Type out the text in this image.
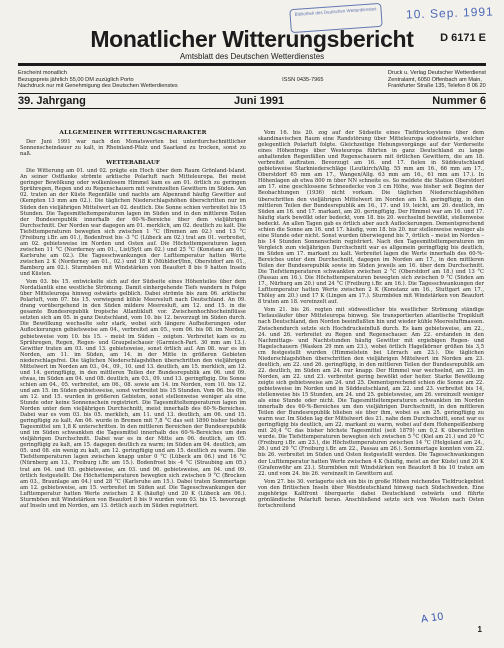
Bibliothek des Deutschen Wetterdienstes	10. Sep. 1991
Monatlicher Witterungsbericht	D 6171 E
Amtsblatt des Deutschen Wetterdienstes
Erscheint monatlich
Bezugspreis jährlich 55,00 DM zuzüglich Porto
Nachdruck nur mit Genehmigung des Deutschen Wetterdienstes
ISSN 0435-7965
Druck u. Verlag Deutscher Wetterdienst
Zentralamt, 6050 Offenbach am Main,
Frankfurter Straße 135, Telefon 8 06 20
39. Jahrgang	Juni 1991	Nummer 6
ALLGEMEINER WITTERUNGSCHARAKTER

Der Juni 1991 war nach den Monatswerten bei unterdurchschnittlicher Sonnenscheindauer zu kalt, in Rheinland-Pfalz und Saarland zu trocken, sonst zu naß.

WETTERABLAUF

Die Witterung am 01. und 02. prägte ein Hoch über dem Raum Grönland-Island. An seiner Ostflanke strömte arktische Polarluft nach Mitteleuropa. Bei meist geringer Bewölkung oder wolkenlosem Himmel kam es am 01. örtlich zu geringen Sprühregen, Regen und zu Regenschauern mit vereinzelten Gewittern im Süden. Am 02. traten an der Küste Regenfälle und nachts am Alpenrand häufig Gewitter auf (Kempten 13 mm am 02.). Die täglichen Niederschlagshöhen überschritten nur im Süden den vieljährigen Mittelwert an 02. deutlich. Die Sonne schien verbreitet bis 15 Stunden. Die Tagesmitteltemperaturen lagen im Süden und in den mittleren Teilen der Bundesrepublik innerhalb der 60-%-Bereiche über dem vieljährigen Durchschnitt. Der Norden war dagegen am 01. merklich, am 02. deutlich zu kalt. Die Tiefsttemperaturen bewegten sich zwischen 1 °C (Bremen am 02.) und 13 °C (Freiburg i.Br. am 01.), Bodenfrost bis -3 °C (Lübeck am 02.) trat am 01. verbreitet, am 02. gebietsweise im Norden und Osten auf. Die Höchsttemperaturen lagen zwischen 11 °C (Norderney am 01., List/Sylt am 02.) und 25 °C (Konstanz am 01., Karlsruhe am 02.). Die Tagesschwankungen der Lufttemperatur hatten Werte zwischen 2 K (Norderney am 01., 02.) und 18 K (Mühldorf/Inn, Oberstdorf am 01., Bamberg am 02.). Sturmböen mit Windstärken von Beaufort 8 bis 9 hatten Inseln und Küsten.

Vom 03. bis 15. entwickelte sich auf der Südseite eines Höhenteiles über dem Nordatlantik eine westliche Strömung. Damit einhergehende Tiefs wandern in Folge über Mitteleuropa hinweg ostwärts gelblich. Dabei strömte bis zum 06. arktische Polarluft, vom 07. bis 15. vorwiegend kühle Meeresluft nach Deutschland. An 09. drang vorübergehend in den Süden mildere Meeresluft, am 12. und 15. in die gesamte Bundesrepublik tropische Atlantikluft vor. Zwischenhochhocheinflüsse setzten sich am 05. in ganz Deutschland, vom 10. bis 12. bevorzugt im Süden durch. Die Bewölkung wechselte sehr stark, wobei sich längere Aufheiterungen oder Auflockerungen gebietsweise am 04., verbreitet am 05., vom 06. bis 08. im Norden, gebietsweise vom 10. bis 15. – meist im Süden – zeigten. Verbreitet kam es zu Sprühregen, Regen, Regen- und Graupelschauer (Garmisch-Part. 30 mm am 13.). Gewitter traten am 03. und 13. gebietsweise, sonst örtlich auf. Am 08. war es im Norden, am 11. im Süden, am 14. in der Mitte in größeren Gebieten niederschlagsfrei. Die täglichen Niederschlagshöhen überschritten den vieljährigen Mittelwert im Norden am 03., 04., 09., 10. und 13. deutlich, am 15. merklich, am 12. und 14. geringfügig, in den mittleren Teilen der Bundesrepublik am 06. und 09. etwas, im Süden am 04. und 08. deutlich, am 03., 09. und 13. geringfügig. Die Sonne schien am 04., 05. verbreitet, am 06., 08. sowie am 14. im Norden, vom 10. bis 12. und am 15. im Süden gebietsweise, sonst verbreitet bis 15 Stunden. Vom 06. bis 09., am 12. und 15. wurden in größeren Gebieten, sonst stellenweise weniger als eine Stunde oder keine Sonnenschein registriert. Die Tagesmitteltemperaturen lagen im Norden unter dem vieljährigen Durchschnitt, meist innerhalb des 60-%-Bereiches. Dabei war es vom 03. bis 05. merklich, am 11. und 13. deutlich, am 06. und 15. geringfügig zu kalt. Am 06. wurde in Bremen mit 7,8 °C das seit 1890 bisher tiefste Tagesmittel um 1,8 K unterschritten. In den mittleren Bereichen der Bundesrepublik und im Süden schwankten die Tagesmittel innerhalb des 60-%-Bereiches um den vieljährigen Durchschnitt. Dabei war es in der Mitte am 06. deutlich, am 05. geringfügig zu kalt, am 15. dagegen deutlich zu warm; im Süden am 04. deutlich, am 05. und 08. ein wenig zu kalt, am 12. geringfügig und am 15. deutlich zu warm. Die Tiefsttemperaturen lagen zwischen knapp unter 0 °C (Lübeck am 06.) und 16 °C (Nürnberg am 13., Freiburg i.Br. am 15.). Bodenfrost bis -4 °C (Straubing am 05.) trat am 04. und 05. gebietsweise, am 03. und 06. gebietsweise, am 04. und 09. örtlich festgestellt. Die Höchsttemperaturen bewegten sich zwischen 9 °C (Brocken am 03., Braunlage am 04.) und 28 °C (Karlsruhe am 15.). Dabei traten Sommertage am 12. gebietsweise, am 15. verbreitet im Süden auf. Die Tagesschwankungen der Lufttemperatur hatten Werte zwischen 2 K (häufig) und 20 K (Lübeck am 06.). Sturmböen mit Windstärken von Beaufort 8 bis 9 wurden vom 03. bis 15. bevorzugt auf Inseln und im Norden, am 13. örtlich auch im Süden registriert.

Vom 16. bis 20. zog auf der Südseite eines Tiefdrucksystems über dem skandinavischen Raum eine Randstörung über Mitteleuropa südostwärts, welcher gelegentlich Polarluft folgte. Gleichzeitige Hebungsvorgänge auf der Vorderseite eines Höhentrogs über Westeuropa führten in ganz Deutschland zu lange anhaltenden Regenfällen und Regenschauern mit örtlichen Gewittern, die am 18. verbreitet auftraten. Bevorzugt am 16. und 17. fielen in Süddeutschland gebietsweise Starkniederschläge (Leutkirch/Allg. 55 mm am 16., 66 mm am 17., Oberstdorf 65 mm am 17., Wangen/Allg. 63 mm am 16., 61 mm am 17.). In Höhenlagen ab etwa 800 m über NN schneite es. So meldete die Station Oberstdorf am 17. eine geschlossene Schneedecke von 3 cm Höhe, was bisher seit Beginn der Beobachtungen (1936) nicht vorkam. Die täglichen Niederschlagshöhen überschritten den vieljährigen Mittelwert im Norden am 18. geringfügig, in den mittleren Teilen der Bundesrepublik am 16., 17. und 19. leicht, am 20. deutlich, im Süden am 16. und 17. markant, am 20. geringfügig. Der Himmel war am 16. und 17. häufig stark bewölkt oder bedeckt, vom 18. bis 20. wechselnd bewölkt, stellenweise bedeckt. An allen Tagen gab es örtlich aber auch Auflockerungen. Dementsprechend schien die Sonne am 16. und 17. häufig, vom 18. bis 20. nur stellenweise weniger als eine Stunde oder nicht. Sonst wurden überwiegend bis 7, örtlich – meist im Norden – bis 14 Stunden Sonnenschein registriert. Nach den Tagesmitteltemperaturen im Vergleich zum vieljährigen Durchschnitt war es allgemein geringfügig bis deutlich, im Süden am 17. markant zu kalt. Verbreitet lagen die Werte innerhalb des 60-%-Bereiches unter dem Durchschnitt, dagegen im Norden am 17., in den mittleren Teilen der Bundesrepublik sowie im Süden jeweils am 16. über dem Durchschnitt. Die Tiefsttemperaturen schwankten zwischen 2 °C (Oberstdorf am 18.) und 13 °C (Passau am 16.). Die Höchsttemperaturen bewegten sich zwischen 9 °C (Süden am 17., Nürburg am 20.) und 24 °C (Freiburg i.Br. am 16.). Die Tagesschwankungen der Lufttemperatur hatten Werte zwischen 2 K (Konstanz am 16., Stuttgart am 17., Thöley am 20.) und 17 K (Lingen am 17.). Sturmböen mit Windstärken von Beaufort 8 traten am 18. vereinzelt auf.

Vom 21. bis 26. regten mit südwestlicher bis westlicher Strömung ständige Tiefausläufer über Mitteleuropa hinweg. Sie transportierten atlantische Tropikluft nach Deutschland, den Norden beeinflußten hin und wieder kühle Meeresluftmassen. Zwischendurch setzte sich Hochdruckeinfluß durch. Es kam gebietsweise, am 22., 24. und 26. verbreitet zu Regen und Regenschauer. Am 22. erstanden in den Nachmittags- und Nachtstunden häufig Gewitter mit ergiebigen Regen- und Hagelschauern (Wasken 29 mm am 23.), wobei örtlich Hagelkörner größen bis 3,5 cm festgestellt wurden (Himmelstein bei Lörrach am 23.). Die täglichen Niederschlagshöhen überschritten den vieljährigen Mittelwert im Norden am 23. deutlich, am 22. und 26. geringfügig, in den mittleren Teilen der Bundesrepublik am 22. deutlich, im Süden am 24. nur knapp. Der Himmel war wechselnd, am 23. im Norden, am 22. und 23. verbreitet gering bewölkt oder heiter. Starke Bewölkung zeigte sich gebietsweise am 24. und 25. Dementsprechend schien die Sonne am 22. gebietsweise im Norden und in Süddeutschland, am 22. und 23. verbreitet bis 14, stellenweise bis 15 Stunden, am 24. und 25. gebietsweise, am 26. vereinzelt weniger als eine Stunde oder nicht. Die Tagesmitteltemperaturen schwankten im Norden innerhalb des 60-%-Bereiches um den vieljährigen Durchschnitt, in den mittleren Teilen der Bundesrepublik blieben sie über ihm, wobei es am 25. geringfügig zu warm war. Im Süden lag der Mittelwert des 21. nahe dem Durchschnitt, sonst war es geringfügig bis deutlich, am 22. markant zu warm, wobei auf dem Hohenpeißenberg mit 20,4 °C das bisher höchste Tagesmittel (seit 1879) um 0,2 K überschritten wurde. Die Tiefsttemperaturen bewegten sich zwischen 5 °C (Kiel am 21.) und 20 °C (Freiburg i.Br. am 23.), die Höchsttemperaturen zwischen 14 °C (Helgoland am 24., 26.) und 29 °C (Freiburg i.Br. am 22., Passau am 26.). Sommertage konnten vom 22. bis 26. verbreitet im Süden und Osten festgestellt werden. Die Tagesschwankungen der Lufttemperatur hatten Werte zwischen 4 K (häufig, meist an der Küste) und 20 K (Grafenwöhr am 23.). Sturmböen mit Windstärken von Beaufort 8 bis 10 traten am 22. und vom 24. bis 26. vereinzelt in Gewittern auf.

Vom 27. bis 30. verlagerte sich ein bis in große Höhen reichendes Tiefdruckgebiet von den Britischen Inseln über Westdeutschland hinweg nach Südschweden. Eine zugehörige Kaltfront überquerte dabei Deutschland ostwärts und führte grönländische Polarluft heran. Anschließend setzte sich von Westen nach Osten fortschreitend

A 10
1
